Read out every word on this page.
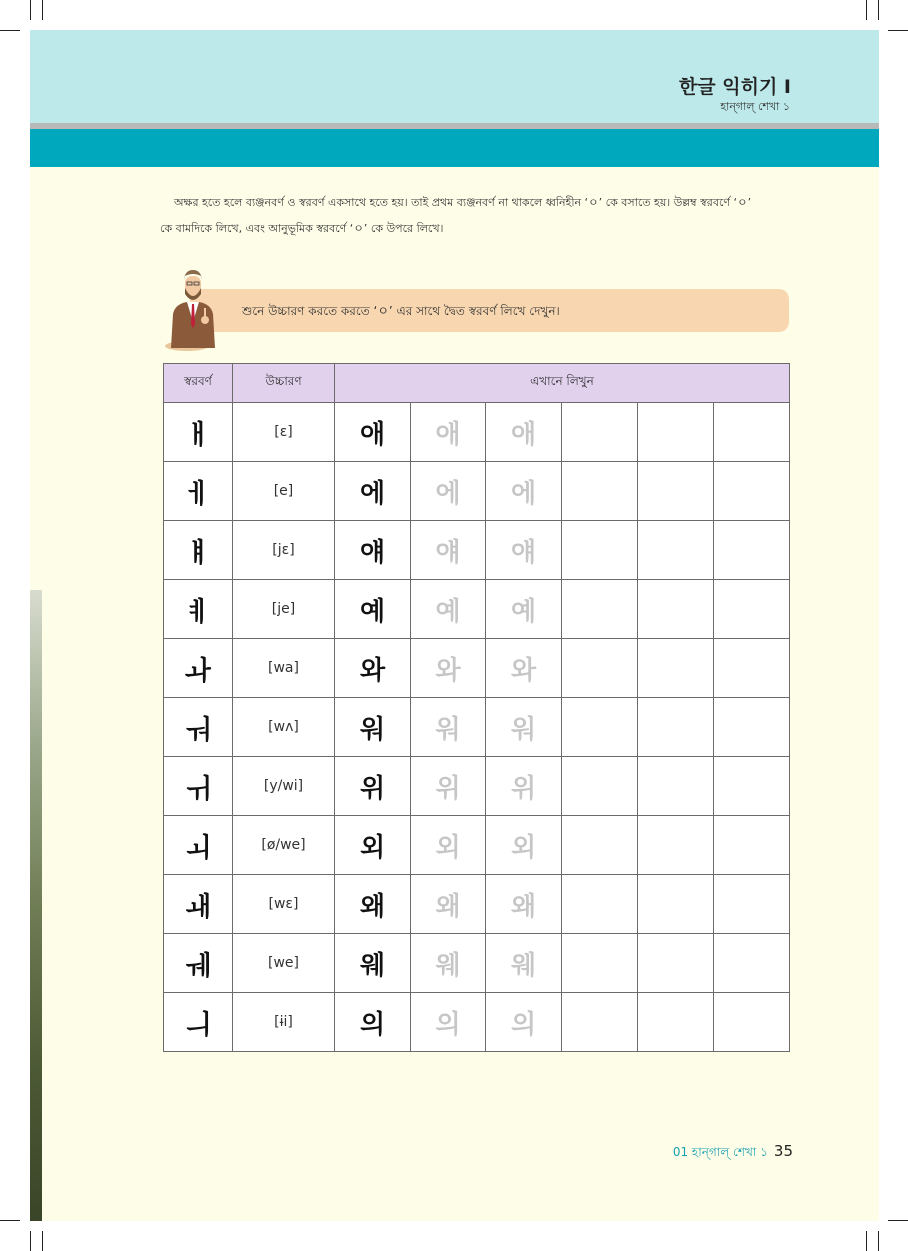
한글 익히기 I
হান্গাল্ শেখা ১

অক্ষর হতে হলে ব্যঞ্জনবর্ণ ও স্বরবর্ণ একসাথে হতে হয়। তাই প্রথম ব্যঞ্জনবর্ণ না থাকলে ধ্বনিহীন ‘ㅇ’ কে বসাতে হয়। উল্লম্ব স্বরবর্ণে ‘ㅇ’

কে বামদিকে লিখে, এবং আনুভূমিক স্বরবর্ণে ‘ㅇ’ কে উপরে লিখে।

শুনে উচ্চারণ করতে করতে ‘ㅇ’ এর সাথে দ্বৈত স্বরবর্ণ লিখে দেখুন।
স্বরবর্ণ	উচ্চারণ	এখানে লিখুন					
ㅐ	[ɛ]	애	애	애			
ㅔ	[e]	에	에	에			
ㅒ	[jɛ]	얘	얘	얘			
ㅖ	[je]	예	예	예			
ㅘ	[wa]	와	와	와			
ㅝ	[wʌ]	워	워	워			
ㅟ	[y/wi]	위	위	위			
ㅚ	[ø/we]	외	외	외			
ㅙ	[wɛ]	왜	왜	왜			
ㅞ	[we]	웨	웨	웨			
ㅢ	[ɨi]	의	의	의			
01 হান্গাল্ শেখা ১ 35
